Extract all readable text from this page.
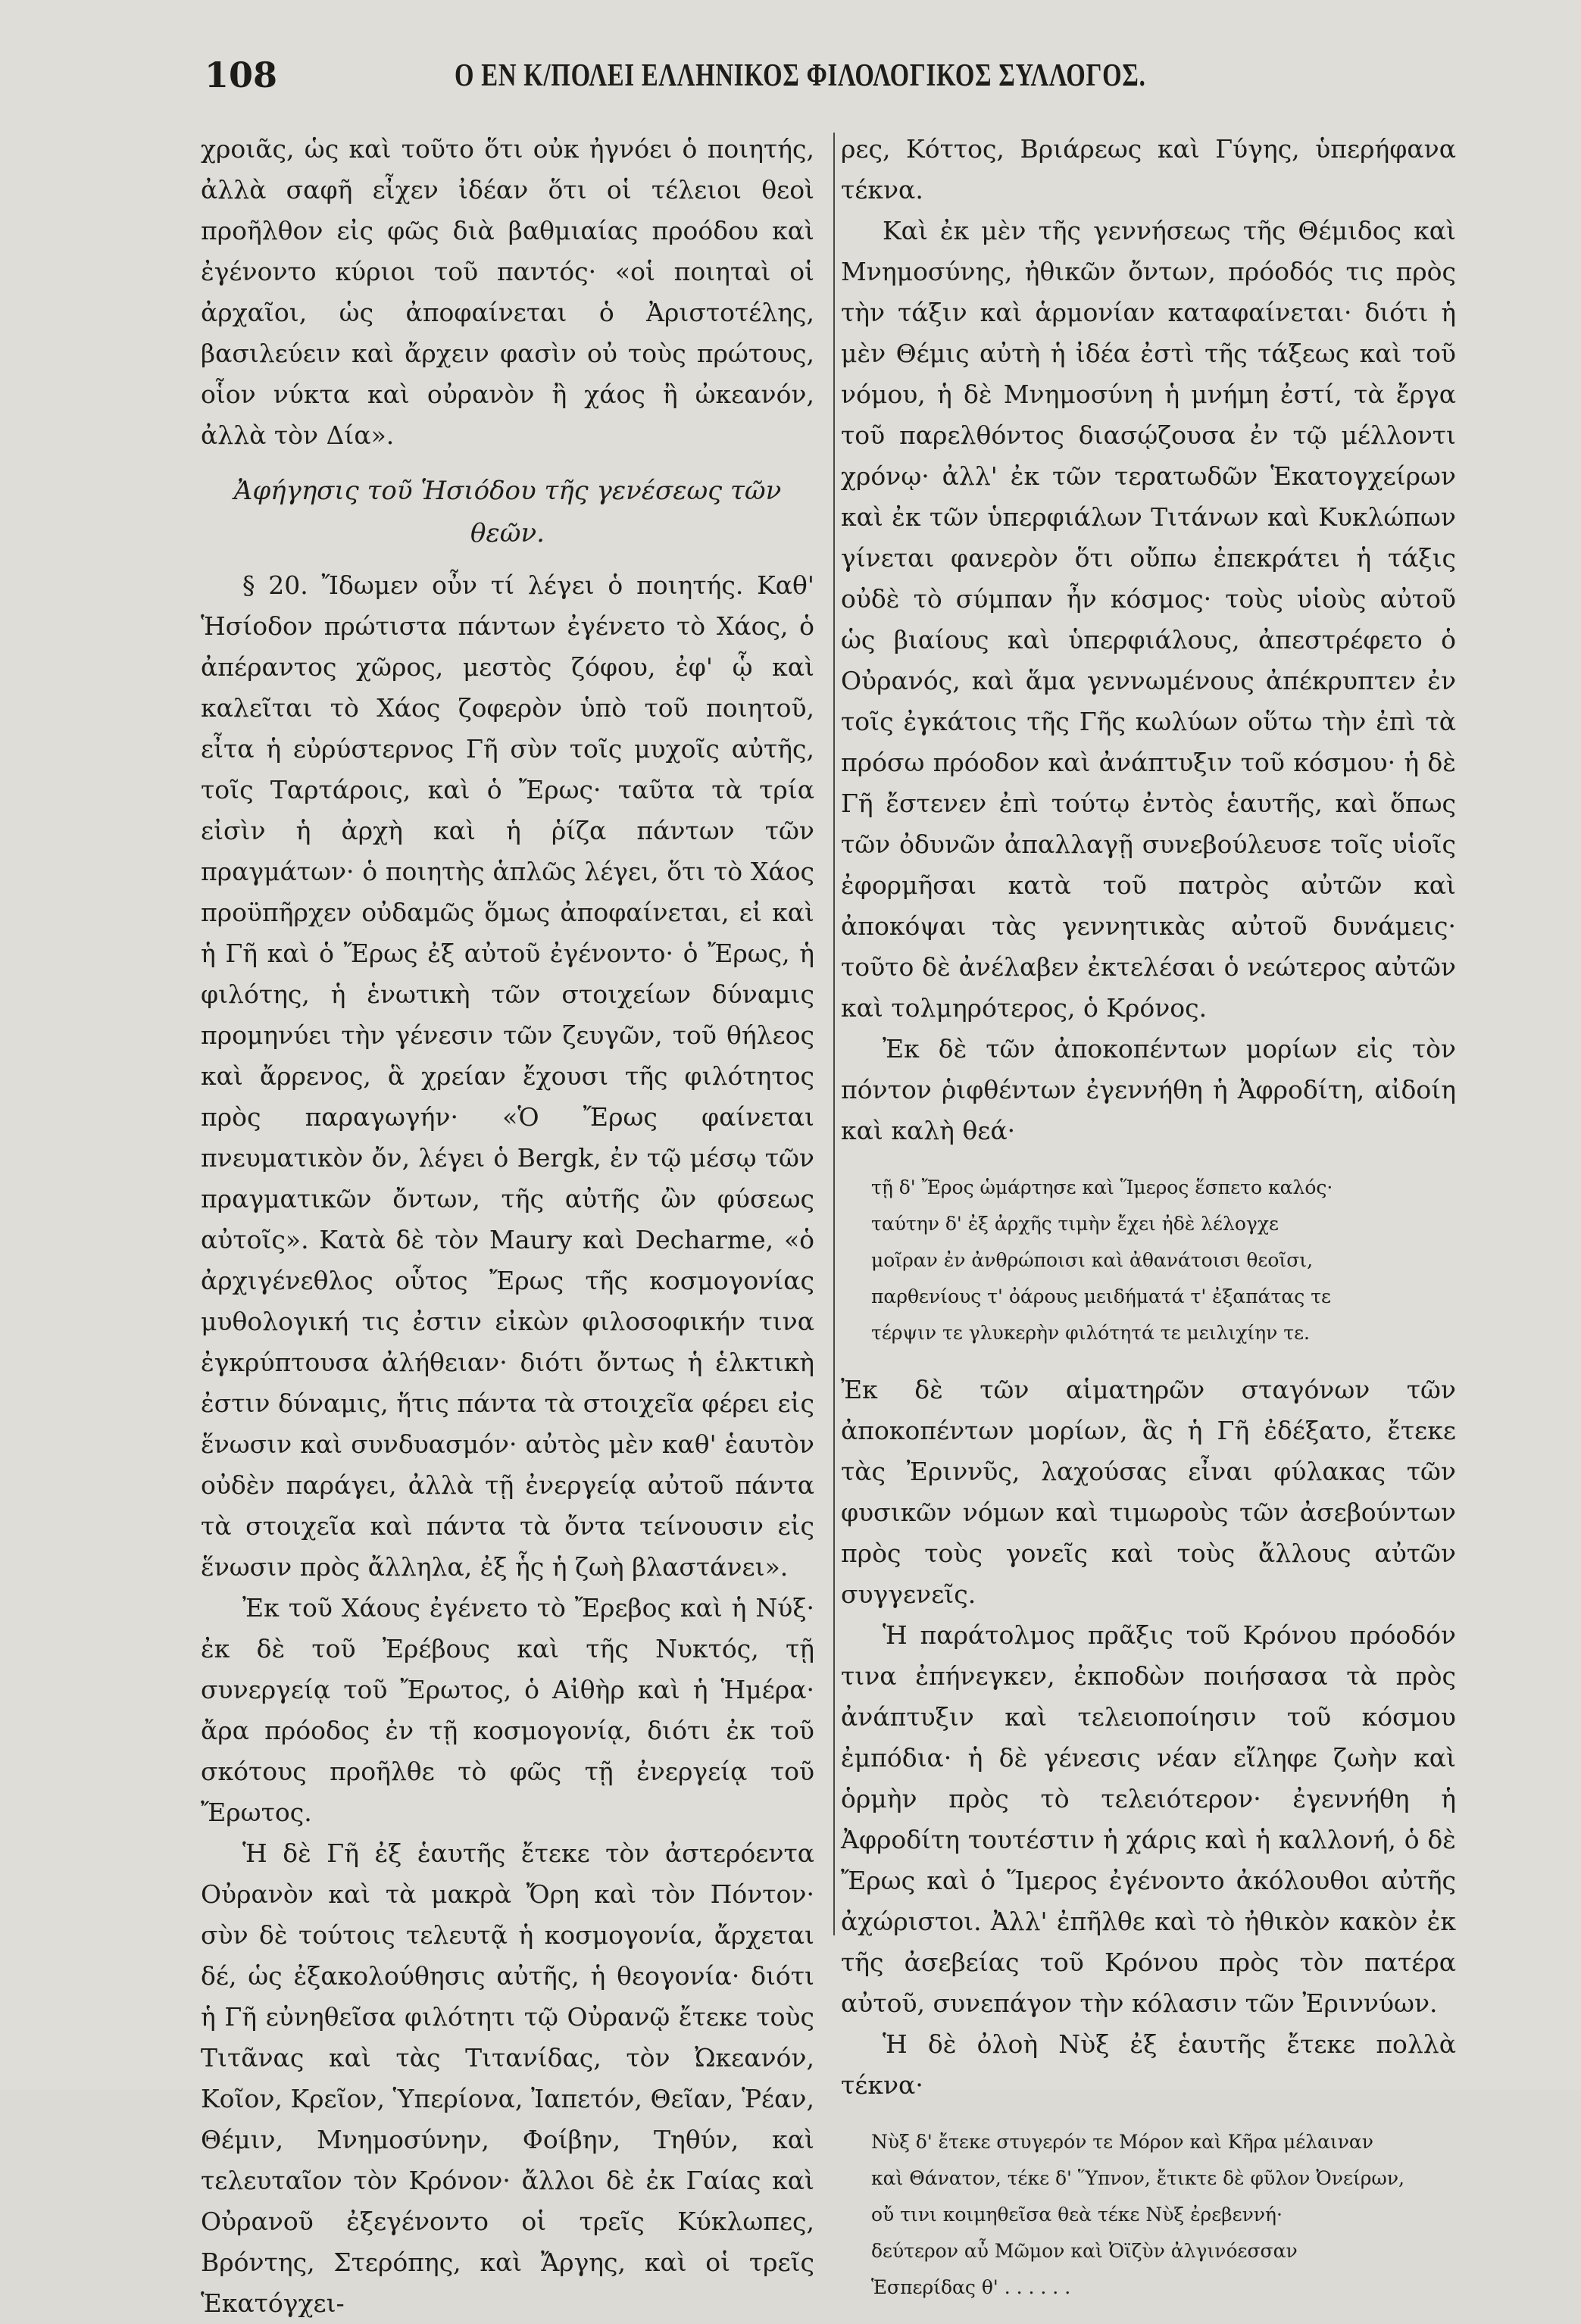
108	Ο ΕΝ Κ/ΠΟΛΕΙ ΕΛΛΗΝΙΚΟΣ ΦΙΛΟΛΟΓΙΚΟΣ ΣΥΛΛΟΓΟΣ.

χροιᾶς, ὡς καὶ τοῦτο ὅτι οὐκ ἠγνόει ὁ ποιητής, ἀλλὰ σαφῆ εἶχεν ἰδέαν ὅτι οἱ τέλειοι θεοὶ προῆλθον εἰς φῶς διὰ βαθμιαίας προόδου καὶ ἐγένοντο κύριοι τοῦ παντός· «οἱ ποιηταὶ οἱ ἀρχαῖοι, ὡς ἀποφαίνεται ὁ Ἀριστοτέλης, βασιλεύειν καὶ ἄρχειν φασὶν οὐ τοὺς πρώτους, οἷον νύκτα καὶ οὐρανὸν ἢ χάος ἢ ὠκεανόν, ἀλλὰ τὸν Δία».

Ἀφήγησις τοῦ Ἡσιόδου τῆς γενέσεως τῶν θεῶν.

§ 20. Ἴδωμεν οὖν τί λέγει ὁ ποιητής. Καθ' Ἡσίοδον πρώτιστα πάντων ἐγένετο τὸ Χάος, ὁ ἀπέραντος χῶρος, μεστὸς ζόφου, ἐφ' ᾧ καὶ καλεῖται τὸ Χάος ζοφερὸν ὑπὸ τοῦ ποιητοῦ, εἶτα ἡ εὐρύστερνος Γῆ σὺν τοῖς μυχοῖς αὐτῆς, τοῖς Ταρτάροις, καὶ ὁ Ἔρως· ταῦτα τὰ τρία εἰσὶν ἡ ἀρχὴ καὶ ἡ ῥίζα πάντων τῶν πραγμάτων· ὁ ποιητὴς ἁπλῶς λέγει, ὅτι τὸ Χάος προϋπῆρχεν οὐδαμῶς ὅμως ἀποφαίνεται, εἰ καὶ ἡ Γῆ καὶ ὁ Ἔρως ἐξ αὐτοῦ ἐγένοντο· ὁ Ἔρως, ἡ φιλότης, ἡ ἑνωτικὴ τῶν στοιχείων δύναμις προμηνύει τὴν γένεσιν τῶν ζευγῶν, τοῦ θήλεος καὶ ἄρρενος, ἃ χρείαν ἔχουσι τῆς φιλότητος πρὸς παραγωγήν· «Ὁ Ἔρως φαίνεται πνευματικὸν ὄν, λέγει ὁ Bergk, ἐν τῷ μέσῳ τῶν πραγματικῶν ὄντων, τῆς αὐτῆς ὢν φύσεως αὐτοῖς». Κατὰ δὲ τὸν Maury καὶ Decharme, «ὁ ἀρχιγένεθλος οὗτος Ἔρως τῆς κοσμογονίας μυθολογική τις ἐστιν εἰκὼν φιλοσοφικήν τινα ἐγκρύπτουσα ἀλήθειαν· διότι ὄντως ἡ ἑλκτικὴ ἐστιν δύναμις, ἥτις πάντα τὰ στοιχεῖα φέρει εἰς ἕνωσιν καὶ συνδυασμόν· αὐτὸς μὲν καθ' ἑαυτὸν οὐδὲν παράγει, ἀλλὰ τῇ ἐνεργείᾳ αὐτοῦ πάντα τὰ στοιχεῖα καὶ πάντα τὰ ὄντα τείνουσιν εἰς ἕνωσιν πρὸς ἄλληλα, ἐξ ἧς ἡ ζωὴ βλαστάνει».

Ἐκ τοῦ Χάους ἐγένετο τὸ Ἔρεβος καὶ ἡ Νύξ· ἐκ δὲ τοῦ Ἐρέβους καὶ τῆς Νυκτός, τῇ συνεργείᾳ τοῦ Ἔρωτος, ὁ Αἰθὴρ καὶ ἡ Ἡμέρα· ἄρα πρόοδος ἐν τῇ κοσμογονίᾳ, διότι ἐκ τοῦ σκότους προῆλθε τὸ φῶς τῇ ἐνεργείᾳ τοῦ Ἔρωτος.

Ἡ δὲ Γῆ ἐξ ἑαυτῆς ἔτεκε τὸν ἀστερόεντα Οὐρανὸν καὶ τὰ μακρὰ Ὄρη καὶ τὸν Πόντον· σὺν δὲ τούτοις τελευτᾷ ἡ κοσμογονία, ἄρχεται δέ, ὡς ἐξακολούθησις αὐτῆς, ἡ θεογονία· διότι ἡ Γῆ εὐνηθεῖσα φιλότητι τῷ Οὐρανῷ ἔτεκε τοὺς Τιτᾶνας καὶ τὰς Τιτανίδας, τὸν Ὠκεανόν, Κοῖον, Κρεῖον, Ὑπερίονα, Ἰαπετόν, Θεῖαν, Ῥέαν, Θέμιν, Μνημοσύνην, Φοίβην, Τηθύν, καὶ τελευταῖον τὸν Κρόνον· ἄλλοι δὲ ἐκ Γαίας καὶ Οὐρανοῦ ἐξεγένοντο οἱ τρεῖς Κύκλωπες, Βρόντης, Στερόπης, καὶ Ἄργης, καὶ οἱ τρεῖς Ἑκατόγχει-

ρες, Κόττος, Βριάρεως καὶ Γύγης, ὑπερήφανα τέκνα.

Καὶ ἐκ μὲν τῆς γεννήσεως τῆς Θέμιδος καὶ Μνημοσύνης, ἠθικῶν ὄντων, πρόοδός τις πρὸς τὴν τάξιν καὶ ἁρμονίαν καταφαίνεται· διότι ἡ μὲν Θέμις αὐτὴ ἡ ἰδέα ἐστὶ τῆς τάξεως καὶ τοῦ νόμου, ἡ δὲ Μνημοσύνη ἡ μνήμη ἐστί, τὰ ἔργα τοῦ παρελθόντος διασῴζουσα ἐν τῷ μέλλοντι χρόνῳ· ἀλλ' ἐκ τῶν τερατωδῶν Ἑκατογχείρων καὶ ἐκ τῶν ὑπερφιάλων Τιτάνων καὶ Κυκλώπων γίνεται φανερὸν ὅτι οὔπω ἐπεκράτει ἡ τάξις οὐδὲ τὸ σύμπαν ἦν κόσμος· τοὺς υἱοὺς αὐτοῦ ὡς βιαίους καὶ ὑπερφιάλους, ἀπεστρέφετο ὁ Οὐρανός, καὶ ἅμα γεννωμένους ἀπέκρυπτεν ἐν τοῖς ἐγκάτοις τῆς Γῆς κωλύων οὕτω τὴν ἐπὶ τὰ πρόσω πρόοδον καὶ ἀνάπτυξιν τοῦ κόσμου· ἡ δὲ Γῆ ἔστενεν ἐπὶ τούτῳ ἐντὸς ἑαυτῆς, καὶ ὅπως τῶν ὀδυνῶν ἀπαλλαγῇ συνεβούλευσε τοῖς υἱοῖς ἐφορμῆσαι κατὰ τοῦ πατρὸς αὐτῶν καὶ ἀποκόψαι τὰς γεννητικὰς αὐτοῦ δυνάμεις· τοῦτο δὲ ἀνέλαβεν ἐκτελέσαι ὁ νεώτερος αὐτῶν καὶ τολμηρότερος, ὁ Κρόνος.

Ἐκ δὲ τῶν ἀποκοπέντων μορίων εἰς τὸν πόντον ῥιφθέντων ἐγεννήθη ἡ Ἀφροδίτη, αἰδοίη καὶ καλὴ θεά·

τῇ δ' Ἔρος ὡμάρτησε καὶ Ἵμερος ἕσπετο καλός·
ταύτην δ' ἐξ ἀρχῆς τιμὴν ἔχει ἠδὲ λέλογχε
μοῖραν ἐν ἀνθρώποισι καὶ ἀθανάτοισι θεοῖσι,
παρθενίους τ' ὀάρους μειδήματά τ' ἐξαπάτας τε
τέρψιν τε γλυκερὴν φιλότητά τε μειλιχίην τε.

Ἐκ δὲ τῶν αἱματηρῶν σταγόνων τῶν ἀποκοπέντων μορίων, ἃς ἡ Γῆ ἐδέξατο, ἔτεκε τὰς Ἐριννῦς, λαχούσας εἶναι φύλακας τῶν φυσικῶν νόμων καὶ τιμωροὺς τῶν ἀσεβούντων πρὸς τοὺς γονεῖς καὶ τοὺς ἄλλους αὐτῶν συγγενεῖς.

Ἡ παράτολμος πρᾶξις τοῦ Κρόνου πρόοδόν τινα ἐπήνεγκεν, ἐκποδὼν ποιήσασα τὰ πρὸς ἀνάπτυξιν καὶ τελειοποίησιν τοῦ κόσμου ἐμπόδια· ἡ δὲ γένεσις νέαν εἴληφε ζωὴν καὶ ὁρμὴν πρὸς τὸ τελειότερον· ἐγεννήθη ἡ Ἀφροδίτη τουτέστιν ἡ χάρις καὶ ἡ καλλονή, ὁ δὲ Ἔρως καὶ ὁ Ἵμερος ἐγένοντο ἀκόλουθοι αὐτῆς ἀχώριστοι. Ἀλλ' ἐπῆλθε καὶ τὸ ἠθικὸν κακὸν ἐκ τῆς ἀσεβείας τοῦ Κρόνου πρὸς τὸν πατέρα αὐτοῦ, συνεπάγον τὴν κόλασιν τῶν Ἐριννύων.

Ἡ δὲ ὀλοὴ Νὺξ ἐξ ἑαυτῆς ἔτεκε πολλὰ τέκνα·

Νὺξ δ' ἔτεκε στυγερόν τε Μόρον καὶ Κῆρα μέλαιναν
καὶ Θάνατον, τέκε δ' Ὕπνον, ἔτικτε δὲ φῦλον Ὀνείρων,
οὔ τινι κοιμηθεῖσα θεὰ τέκε Νὺξ ἐρεβεννή·
δεύτερον αὖ Μῶμον καὶ Ὀϊζὺν ἀλγινόεσσαν
Ἑσπερίδας θ' . . . . . .
